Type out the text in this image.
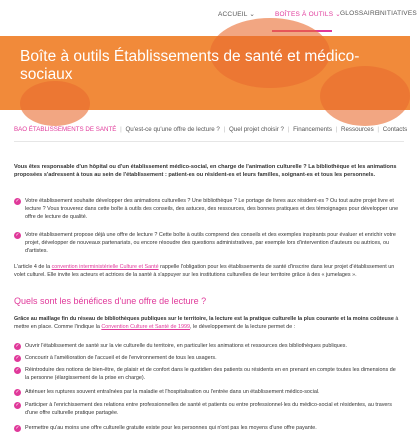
ACCUEIL ⌄	BOÎTES À OUTILS ⌄ GLOSSAIRE
INITIATIVES
Boîte à outils Établissements de santé et médico-sociaux
BAO ÉTABLISSEMENTS DE SANTÉ | Qu'est-ce qu'une offre de lecture ? | Quel projet choisir ? | Financements | Ressources | Contacts
Vous êtes responsable d'un hôpital ou d'un établissement médico-social, en charge de l'animation culturelle ? La bibliothèque et les animations proposées s'adressent à tous au sein de l'établissement : patient-es ou résident-es et leurs familles, soignant-es et tous les personnels.
✓ Votre établissement souhaite développer des animations culturelles ? Une bibliothèque ? Le portage de livres aux résident·es ? Ou tout autre projet livre et lecture ? Vous trouverez dans cette boîte à outils des conseils, des astuces, des ressources, des bonnes pratiques et des témoignages pour développer une offre de lecture de qualité.
✓ Votre établissement propose déjà une offre de lecture ? Cette boîte à outils comprend des conseils et des exemples inspirants pour évaluer et enrichir votre projet, développer de nouveaux partenariats, ou encore résoudre des questions administratives, par exemple lors d'intervention d'auteurs ou autrices, ou d'artistes.
L'article 4 de la convention interministérielle Culture et Santé rappelle l'obligation pour les établissements de santé d'inscrire dans leur projet d'établissement un volet culturel. Elle invite les acteurs et actrices de la santé à s'appuyer sur les institutions culturelles de leur territoire grâce à des « jumelages ».
Quels sont les bénéfices d'une offre de lecture ?
Grâce au maillage fin du réseau de bibliothèques publiques sur le territoire, la lecture est la pratique culturelle la plus courante et la moins coûteuse à mettre en place. Comme l'indique la Convention Culture et Santé de 1999, le développement de la lecture permet de :
✓ Ouvrir l'établissement de santé sur la vie culturelle du territoire, en particulier les animations et ressources des bibliothèques publiques.
✓ Concourir à l'amélioration de l'accueil et de l'environnement de tous les usagers.
✓ Réintroduire des notions de bien-être, de plaisir et de confort dans le quotidien des patients ou résidents en en prenant en compte toutes les dimensions de la personne (élargissement de la prise en charge).
✓ Atténuer les ruptures souvent entraînées par la maladie et l'hospitalisation ou l'entrée dans un établissement médico-social.
✓ Participer à l'enrichissement des relations entre professionnelles de santé et patients ou entre professionnel·les du médico-social et résidentes, au travers d'une offre culturelle pratique partagée.
✓ Permettre qu'au moins une offre culturelle gratuite existe pour les personnes qui n'ont pas les moyens d'une offre payante.
